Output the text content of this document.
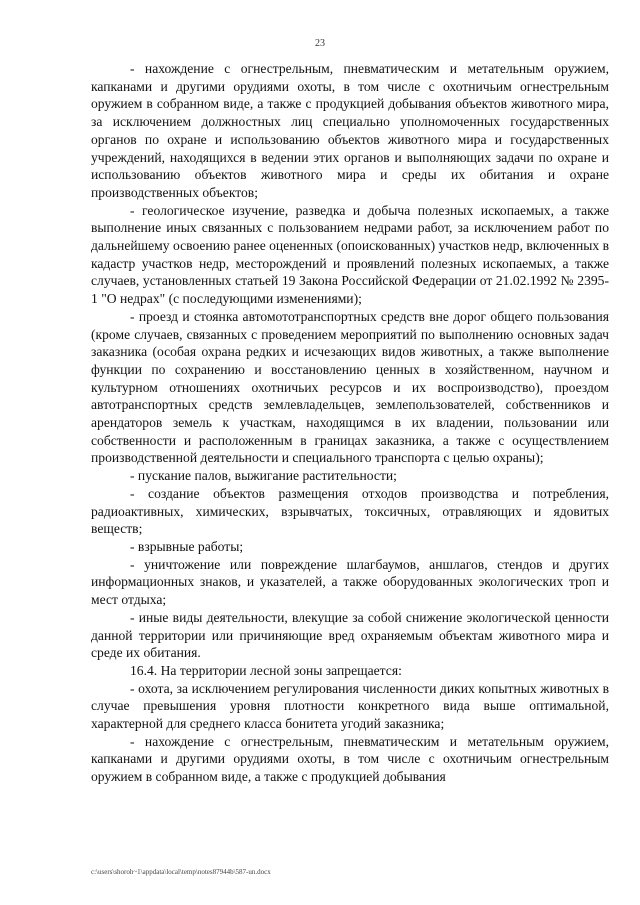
23

- нахождение с огнестрельным, пневматическим и метательным оружием, капканами и другими орудиями охоты, в том числе с охотничьим огнестрельным оружием в собранном виде, а также с продукцией добывания объектов животного мира, за исключением должностных лиц специально уполномоченных государственных органов по охране и использованию объектов животного мира и государственных учреждений, находящихся в ведении этих органов и выполняющих задачи по охране и использованию объектов животного мира и среды их обитания и охране производственных объектов;

- геологическое изучение, разведка и добыча полезных ископаемых, а также выполнение иных связанных с пользованием недрами работ, за исключением работ по дальнейшему освоению ранее оцененных (опоискованных) участков недр, включенных в кадастр участков недр, месторождений и проявлений полезных ископаемых, а также случаев, установленных статьей 19 Закона Российской Федерации от 21.02.1992 № 2395-1 "О недрах" (с последующими изменениями);

- проезд и стоянка автомототранспортных средств вне дорог общего пользования (кроме случаев, связанных с проведением мероприятий по выполнению основных задач заказника (особая охрана редких и исчезающих видов животных, а также выполнение функции по сохранению и восстановлению ценных в хозяйственном, научном и культурном отношениях охотничьих ресурсов и их воспроизводство), проездом автотранспортных средств землевладельцев, землепользователей, собственников и арендаторов земель к участкам, находящимся в их владении, пользовании или собственности и расположенным в границах заказника, а также с осуществлением производственной деятельности и специального транспорта с целью охраны);

- пускание палов, выжигание растительности;

- создание объектов размещения отходов производства и потребления, радиоактивных, химических, взрывчатых, токсичных, отравляющих и ядовитых веществ;

- взрывные работы;

- уничтожение или повреждение шлагбаумов, аншлагов, стендов и других информационных знаков, и указателей, а также оборудованных экологических троп и мест отдыха;

- иные виды деятельности, влекущие за собой снижение экологической ценности данной территории или причиняющие вред охраняемым объектам животного мира и среде их обитания.

16.4. На территории лесной зоны запрещается:

- охота, за исключением регулирования численности диких копытных животных в случае превышения уровня плотности конкретного вида выше оптимальной, характерной для среднего класса бонитета угодий заказника;

- нахождение с огнестрельным, пневматическим и метательным оружием, капканами и другими орудиями охоты, в том числе с охотничьим огнестрельным оружием в собранном виде, а также с продукцией добывания

c:\users\shoroh~1\appdata\local\temp\notes87944b\587-un.docx
